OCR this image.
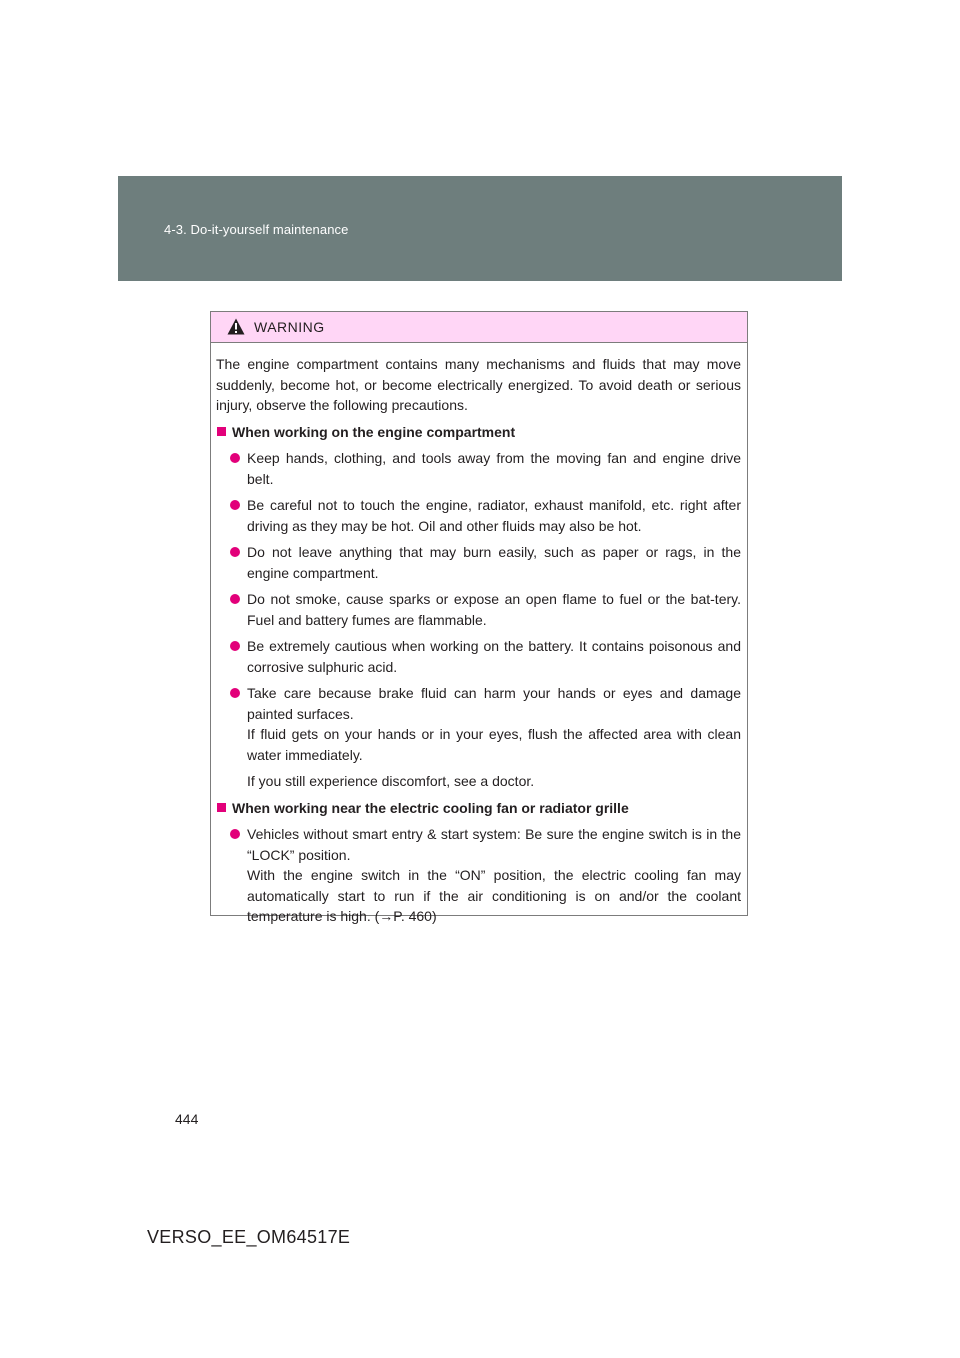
4-3. Do-it-yourself maintenance
WARNING

The engine compartment contains many mechanisms and fluids that may move suddenly, become hot, or become electrically energized. To avoid death or serious injury, observe the following precautions.

When working on the engine compartment
Keep hands, clothing, and tools away from the moving fan and engine drive belt.
Be careful not to touch the engine, radiator, exhaust manifold, etc. right after driving as they may be hot. Oil and other fluids may also be hot.
Do not leave anything that may burn easily, such as paper or rags, in the engine compartment.
Do not smoke, cause sparks or expose an open flame to fuel or the bat-tery. Fuel and battery fumes are flammable.
Be extremely cautious when working on the battery. It contains poisonous and corrosive sulphuric acid.
Take care because brake fluid can harm your hands or eyes and damage painted surfaces.
If fluid gets on your hands or in your eyes, flush the affected area with clean water immediately.

If you still experience discomfort, see a doctor.

When working near the electric cooling fan or radiator grille
Vehicles without smart entry & start system: Be sure the engine switch is in the “LOCK” position.
With the engine switch in the “ON” position, the electric cooling fan may automatically start to run if the air conditioning is on and/or the coolant temperature is high. (→P. 460)
444
VERSO_EE_OM64517E
